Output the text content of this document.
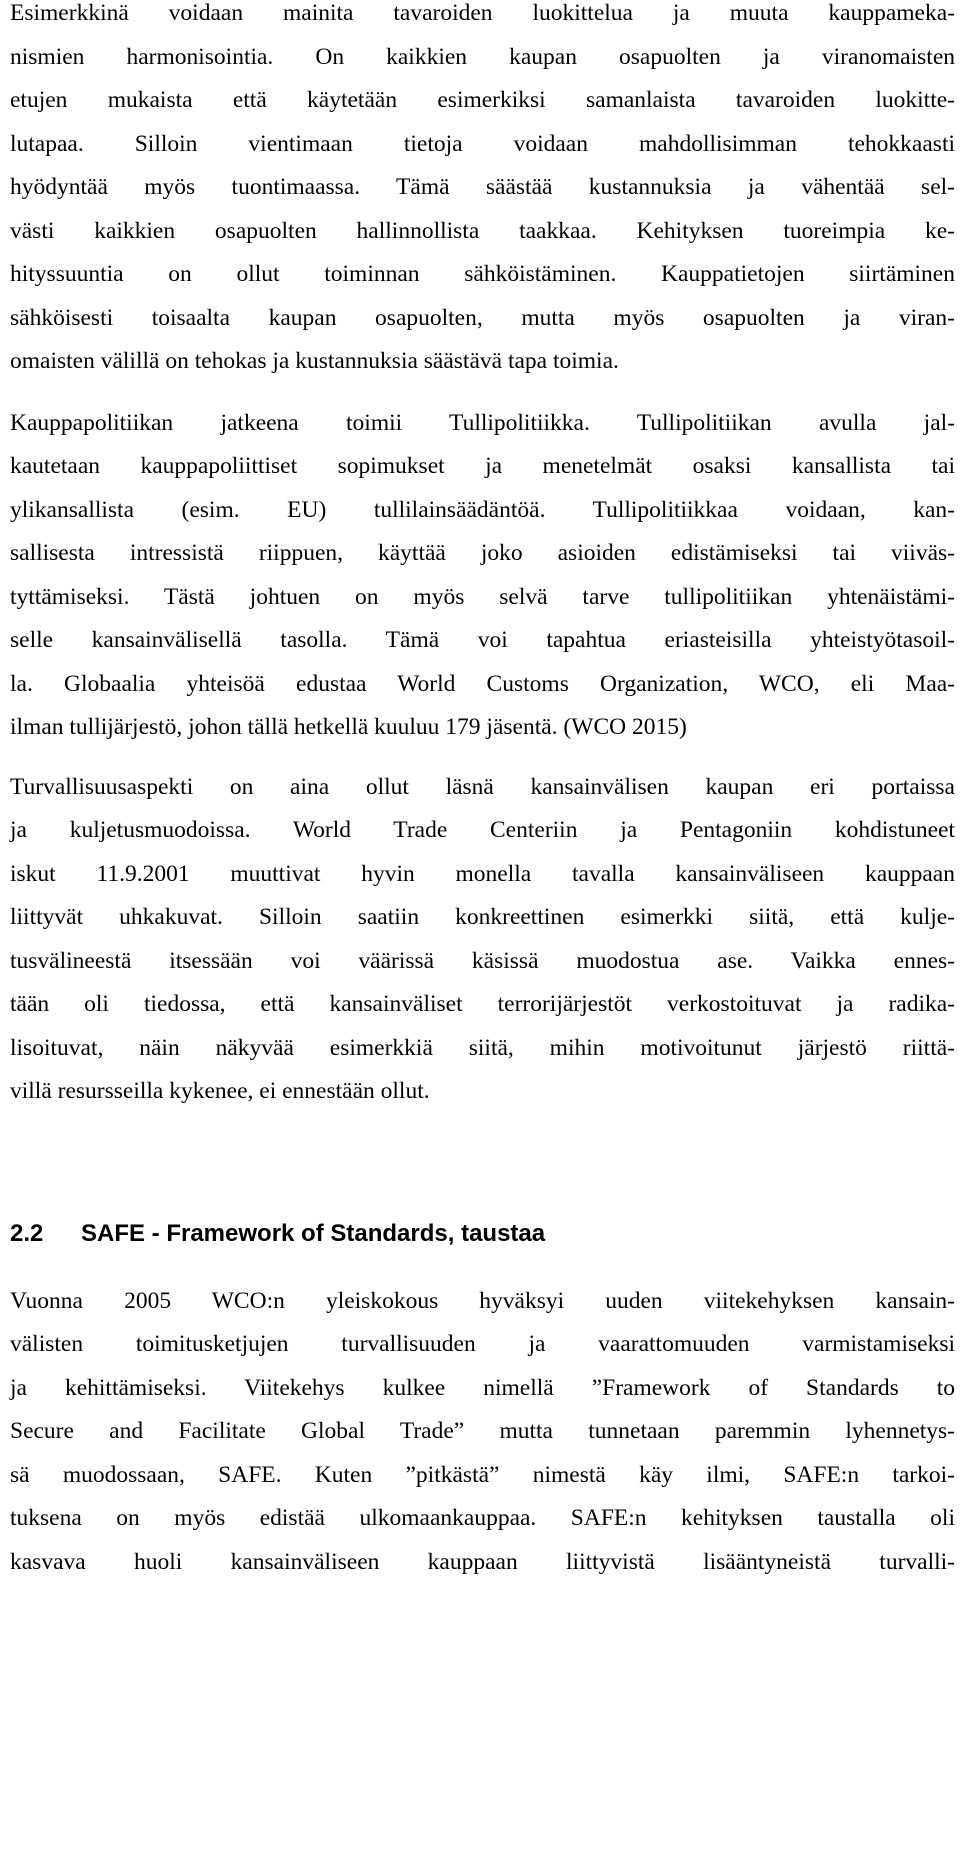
Esimerkkinä voidaan mainita tavaroiden luokittelua ja muuta kauppameka-
nismien harmonisointia. On kaikkien kaupan osapuolten ja viranomaisten
etujen mukaista että käytetään esimerkiksi samanlaista tavaroiden luokitte-
lutapaa. Silloin vientimaan tietoja voidaan mahdollisimman tehokkaasti
hyödyntää myös tuontimaassa. Tämä säästää kustannuksia ja vähentää sel-
västi kaikkien osapuolten hallinnollista taakkaa. Kehityksen tuoreimpia ke-
hityssuuntia on ollut toiminnan sähköistäminen. Kauppatietojen siirtäminen
sähköisesti toisaalta kaupan osapuolten, mutta myös osapuolten ja viran-
omaisten välillä on tehokas ja kustannuksia säästävä tapa toimia.
Kauppapolitiikan jatkeena toimii Tullipolitiikka. Tullipolitiikan avulla jal-
kautetaan kauppapoliittiset sopimukset ja menetelmät osaksi kansallista tai
ylikansallista (esim. EU) tullilainsäädäntöä. Tullipolitiikkaa voidaan, kan-
sallisesta intressistä riippuen, käyttää joko asioiden edistämiseksi tai viiväs-
tyttämiseksi. Tästä johtuen on myös selvä tarve tullipolitiikan yhtenäistämi-
selle kansainvälisellä tasolla. Tämä voi tapahtua eriasteisilla yhteistyötasoil-
la. Globaalia yhteisöä edustaa World Customs Organization, WCO, eli Maa-
ilman tullijärjestö, johon tällä hetkellä kuuluu 179 jäsentä. (WCO 2015)
Turvallisuusaspekti on aina ollut läsnä kansainvälisen kaupan eri portaissa
ja kuljetusmuodoissa. World Trade Centeriin ja Pentagoniin kohdistuneet
iskut 11.9.2001 muuttivat hyvin monella tavalla kansainväliseen kauppaan
liittyvät uhkakuvat. Silloin saatiin konkreettinen esimerkki siitä, että kulje-
tusvälineestä itsessään voi väärissä käsissä muodostua ase. Vaikka ennes-
tään oli tiedossa, että kansainväliset terrorijärjestöt verkostoituvat ja radika-
lisoituvat, näin näkyvää esimerkkiä siitä, mihin motivoitunut järjestö riittä-
villä resursseilla kykenee, ei ennestään ollut.
2.2 SAFE - Framework of Standards, taustaa
Vuonna 2005 WCO:n yleiskokous hyväksyi uuden viitekehyksen kansain-
välisten toimitusketjujen turvallisuuden ja vaarattomuuden varmistamiseksi
ja kehittämiseksi. Viitekehys kulkee nimellä ”Framework of Standards to
Secure and Facilitate Global Trade” mutta tunnetaan paremmin lyhennetys-
sä muodossaan, SAFE. Kuten ”pitkästä” nimestä käy ilmi, SAFE:n tarkoi-
tuksena on myös edistää ulkomaankauppaa. SAFE:n kehityksen taustalla oli
kasvava huoli kansainväliseen kauppaan liittyvistä lisääntyneistä turvalli-
